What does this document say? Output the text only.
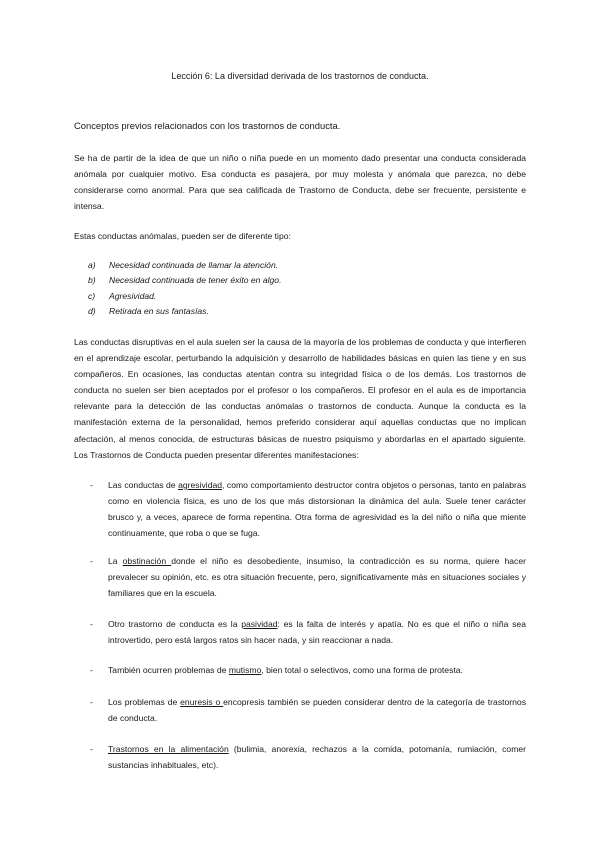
Lección 6: La diversidad derivada de los trastornos de conducta.
Conceptos previos relacionados con los trastornos de conducta.

Se ha de partir de la idea de que un niño o niña puede en un momento dado presentar una conducta considerada anómala por cualquier motivo. Esa conducta es pasajera, por muy molesta y anómala que parezca, no debe considerarse como anormal. Para que sea calificada de Trastorno de Conducta, debe ser frecuente, persistente e intensa.

Estas conductas anómalas, pueden ser de diferente tipo:

a)	Necesidad continuada de llamar la atención.
b)	Necesidad continuada de tener éxito en algo.
c)	Agresividad.
d)	Retirada en sus fantasías.

Las conductas disruptivas en el aula suelen ser la causa de la mayoría de los problemas de conducta y que interfieren en el aprendizaje escolar, perturbando la adquisición y desarrollo de habilidades básicas en quien las tiene y en sus compañeros. En ocasiones, las conductas atentan contra su integridad física o de los demás. Los trastornos de conducta no suelen ser bien aceptados por el profesor o los compañeros. El profesor en el aula es de importancia relevante para la detección de las conductas anómalas o trastornos de conducta. Aunque la conducta es la manifestación externa de la personalidad, hemos preferido considerar aquí aquellas conductas que no implican afectación, al menos conocida, de estructuras básicas de nuestro psiquismo y abordarlas en el apartado siguiente. Los Trastornos de Conducta pueden presentar diferentes manifestaciones:

- Las conductas de agresividad, como comportamiento destructor contra objetos o personas, tanto en palabras como en violencia física, es uno de los que más distorsionan la dinámica del aula. Suele tener carácter brusco y, a veces, aparece de forma repentina. Otra forma de agresividad es la del niño o niña que miente continuamente, que roba o que se fuga.
- La obstinación donde el niño es desobediente, insumiso, la contradicción es su norma, quiere hacer prevalecer su opinión, etc. es otra situación frecuente, pero, significativamente más en situaciones sociales y familiares que en la escuela.
- Otro trastorno de conducta es la pasividad: es la falta de interés y apatía. No es que el niño o niña sea introvertido, pero está largos ratos sin hacer nada, y sin reaccionar a nada.
- También ocurren problemas de mutismo, bien total o selectivos, como una forma de protesta.
- Los problemas de enuresis o encopresis también se pueden considerar dentro de la categoría de trastornos de conducta.
- Trastornos en la alimentación (bulimia, anorexia, rechazos a la comida, potomanía, rumiación, comer sustancias inhabituales, etc).
